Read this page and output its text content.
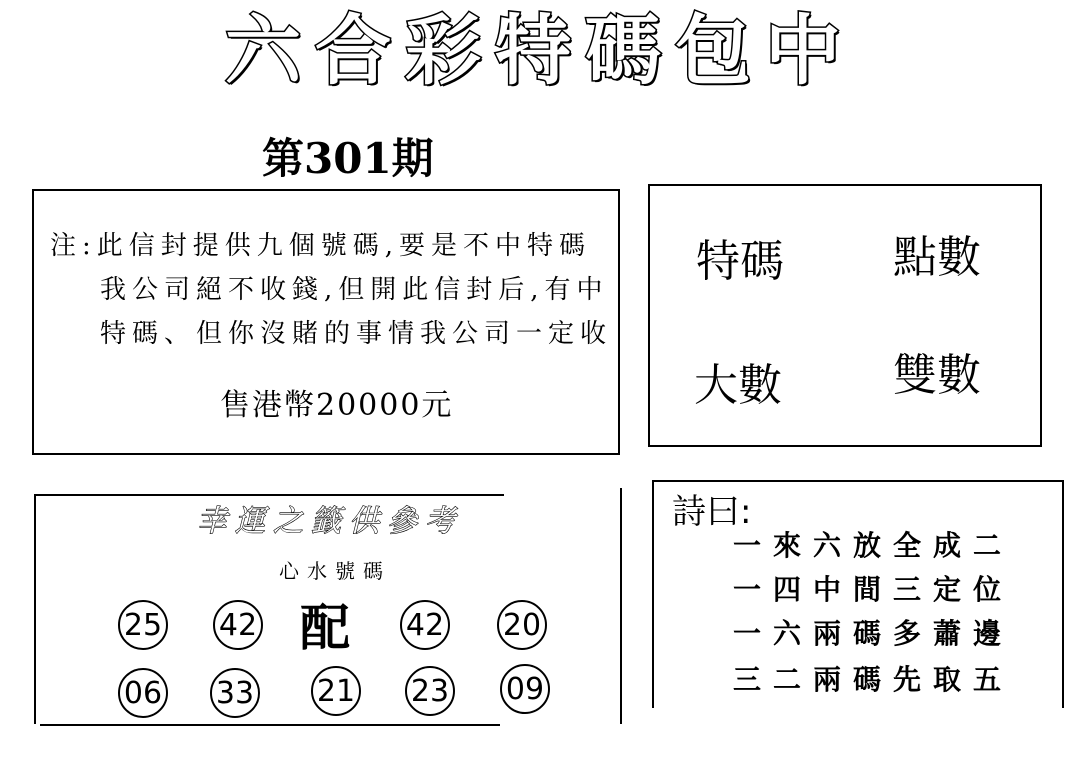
六合彩特碼包中
第301期
注:此信封提供九個號碼,要是不中特碼
我公司絕不收錢,但開此信封后,有中
特碼、但你沒賭的事情我公司一定收
售港幣20000元
特碼 點數
大數	雙數
幸運之籤供參考
心水號碼
25 42 配 42 20
06 33 21 23 09
詩曰:
一來六放全成二
一四中間三定位
一六兩碼多蕭邊
三二兩碼先取五
